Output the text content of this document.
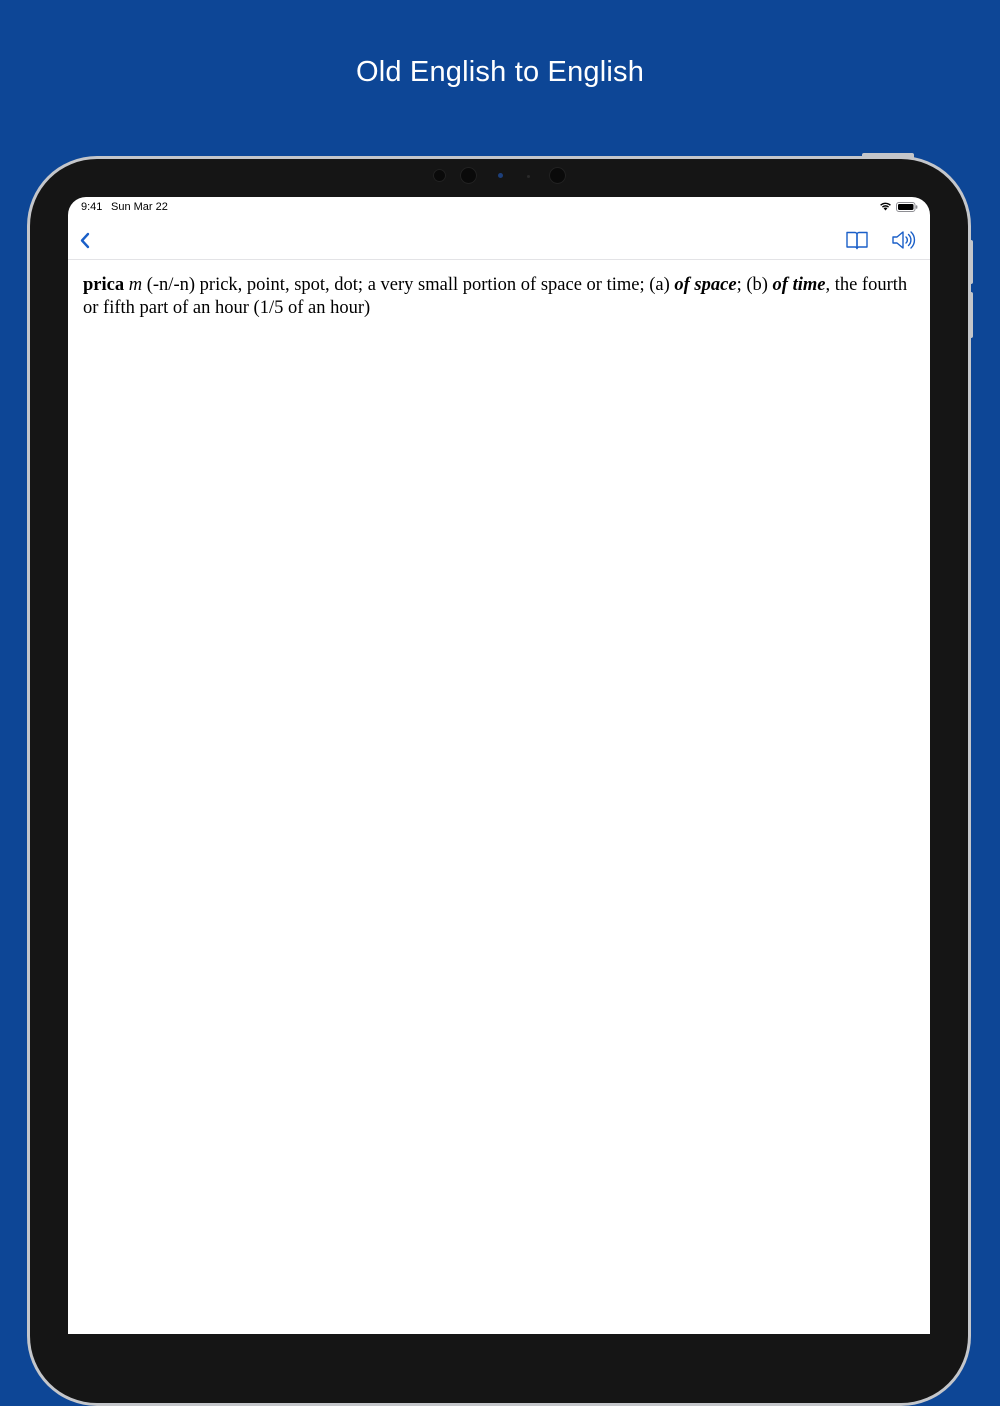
Old English to English
9:41 Sun Mar 22
prica m (-n/-n) prick, point, spot, dot; a very small portion of space or time; (a) of space; (b) of time, the fourth or fifth part of an hour (1/5 of an hour)
